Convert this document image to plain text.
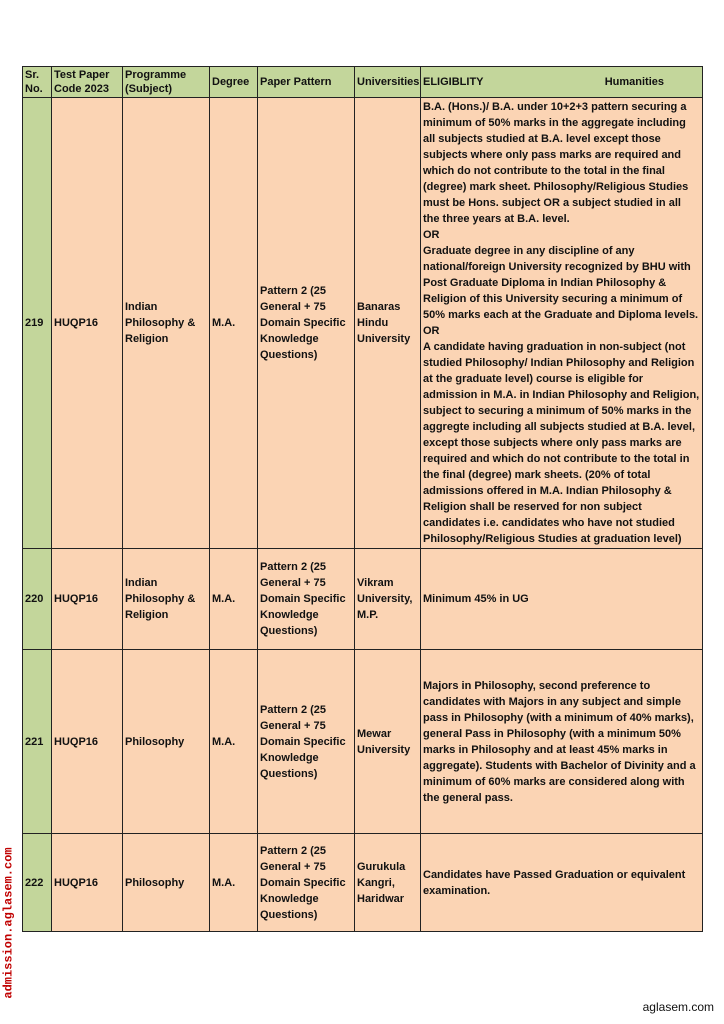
Sr. No.	Test Paper Code 2023	Programme (Subject)	Degree	Paper Pattern	Universities	ELIGIBLITY Humanities

219	HUQP16	Indian Philosophy & Religion	M.A.	Pattern 2 (25 General + 75 Domain Specific Knowledge Questions)	Banaras Hindu University	B.A. (Hons.)/ B.A. under 10+2+3 pattern securing a minimum of 50% marks in the aggregate including all subjects studied at B.A. level except those subjects where only pass marks are required and which do not contribute to the total in the final (degree) mark sheet. Philosophy/Religious Studies must be Hons. subject OR a subject studied in all the three years at B.A. level.
OR
Graduate degree in any discipline of any national/foreign University recognized by BHU with Post Graduate Diploma in Indian Philosophy & Religion of this University securing a minimum of 50% marks each at the Graduate and Diploma levels.
OR
A candidate having graduation in non-subject (not studied Philosophy/ Indian Philosophy and Religion at the graduate level) course is eligible for admission in M.A. in Indian Philosophy and Religion, subject to securing a minimum of 50% marks in the aggregte including all subjects studied at B.A. level, except those subjects where only pass marks are required and which do not contribute to the total in the final (degree) mark sheets. (20% of total admissions offered in M.A. Indian Philosophy & Religion shall be reserved for non subject candidates i.e. candidates who have not studied Philosophy/Religious Studies at graduation level)

220	HUQP16	Indian Philosophy & Religion	M.A.	Pattern 2 (25 General + 75 Domain Specific Knowledge Questions)	Vikram University, M.P.	Minimum 45% in UG

221	HUQP16	Philosophy	M.A.	Pattern 2 (25 General + 75 Domain Specific Knowledge Questions)	Mewar University	Majors in Philosophy, second preference to candidates with Majors in any subject and simple pass in Philosophy (with a minimum of 40% marks), general Pass in Philosophy (with a minimum 50% marks in Philosophy and at least 45% marks in aggregate). Students with Bachelor of Divinity and a minimum of 60% marks are considered along with the general pass.

222	HUQP16	Philosophy	M.A.	Pattern 2 (25 General + 75 Domain Specific Knowledge Questions)	Gurukula Kangri, Haridwar	Candidates have Passed Graduation or equivalent examination.
admission.aglasem.com
aglasem.com
